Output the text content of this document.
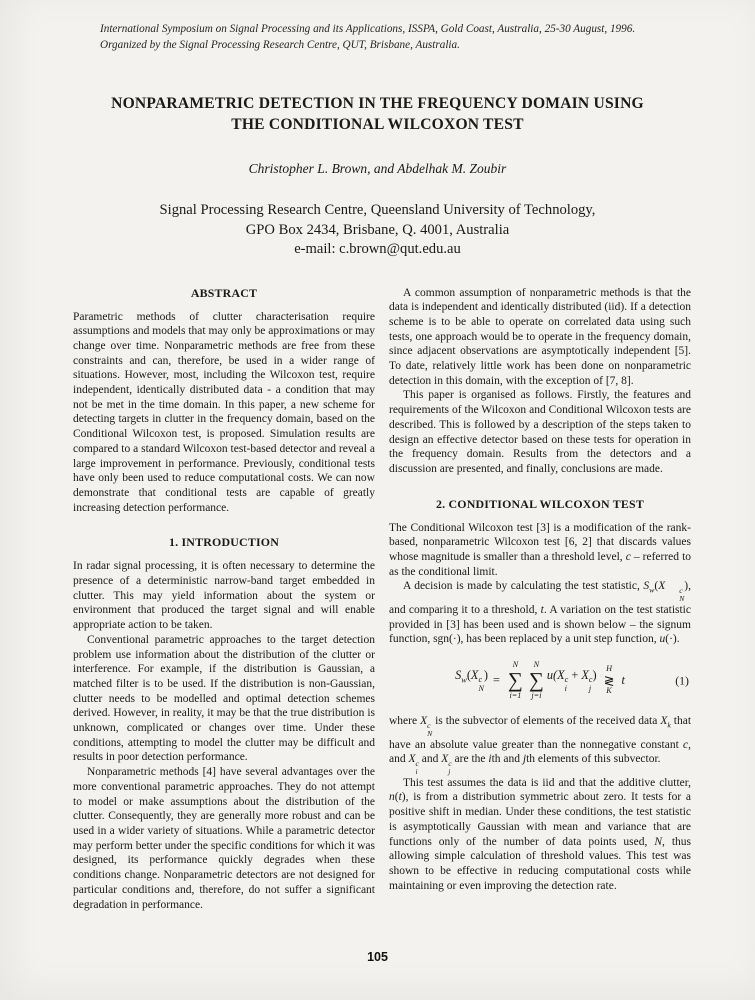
International Symposium on Signal Processing and its Applications, ISSPA, Gold Coast, Australia, 25-30 August, 1996.
Organized by the Signal Processing Research Centre, QUT, Brisbane, Australia.
NONPARAMETRIC DETECTION IN THE FREQUENCY DOMAIN USING
THE CONDITIONAL WILCOXON TEST
Christopher L. Brown, and Abdelhak M. Zoubir
Signal Processing Research Centre, Queensland University of Technology,
GPO Box 2434, Brisbane, Q. 4001, Australia
e-mail: c.brown@qut.edu.au
ABSTRACT

Parametric methods of clutter characterisation require assumptions and models that may only be approximations or may change over time. Nonparametric methods are free from these constraints and can, therefore, be used in a wider range of situations. However, most, including the Wilcoxon test, require independent, identically distributed data - a condition that may not be met in the time domain. In this paper, a new scheme for detecting targets in clutter in the frequency domain, based on the Conditional Wilcoxon test, is proposed. Simulation results are compared to a standard Wilcoxon test-based detector and reveal a large improvement in performance. Previously, conditional tests have only been used to reduce computational costs. We can now demonstrate that conditional tests are capable of greatly increasing detection performance.

1. INTRODUCTION

In radar signal processing, it is often necessary to determine the presence of a deterministic narrow-band target embedded in clutter. This may yield information about the system or environment that produced the target signal and will enable appropriate action to be taken.

Conventional parametric approaches to the target detection problem use information about the distribution of the clutter or interference. For example, if the distribution is Gaussian, a matched filter is to be used. If the distribution is non-Gaussian, clutter needs to be modelled and optimal detection schemes derived. However, in reality, it may be that the true distribution is unknown, complicated or changes over time. Under these conditions, attempting to model the clutter may be difficult and results in poor detection performance.

Nonparametric methods [4] have several advantages over the more conventional parametric approaches. They do not attempt to model or make assumptions about the distribution of the clutter. Consequently, they are generally more robust and can be used in a wider variety of situations. While a parametric detector may perform better under the specific conditions for which it was designed, its performance quickly degrades when these conditions change. Nonparametric detectors are not designed for particular conditions and, therefore, do not suffer a significant degradation in performance.

A common assumption of nonparametric methods is that the data is independent and identically distributed (iid). If a detection scheme is to be able to operate on correlated data using such tests, one approach would be to operate in the frequency domain, since adjacent observations are asymptotically independent [5]. To date, relatively little work has been done on nonparametric detection in this domain, with the exception of [7, 8].

This paper is organised as follows. Firstly, the features and requirements of the Wilcoxon and Conditional Wilcoxon tests are described. This is followed by a description of the steps taken to design an effective detector based on these tests for operation in the frequency domain. Results from the detectors and a discussion are presented, and finally, conclusions are made.

2. CONDITIONAL WILCOXON TEST

The Conditional Wilcoxon test [3] is a modification of the rank-based, nonparametric Wilcoxon test [6, 2] that discards values whose magnitude is smaller than a threshold level, c – referred to as the conditional limit.

A decision is made by calculating the test statistic, $S_w(X$	c
N
), and comparing it to a threshold, t. A variation on the test statistic provided in [3] has been used and is shown below – the signum function, sgn(·), has been replaced by a unit step function, u(·).

$S_w(X$ c
N
) =
N
∑
i=1
N
∑
j=i
u(X c
i
+ X c
j
) H
≷
K
t	(1)

where X c
N
is the subvector of elements of the received data $X_k$ that have an absolute value greater than the nonnegative constant c, and X c
i
and X c
j
are the ith and jth elements of this subvector.

This test assumes the data is iid and that the additive clutter, n(t), is from a distribution symmetric about zero. It tests for a positive shift in median. Under these conditions, the test statistic is asymptotically Gaussian with mean and variance that are functions only of the number of data points used, N, thus allowing simple calculation of threshold values. This test was shown to be effective in reducing computational costs while maintaining or even improving the detection rate.

105
